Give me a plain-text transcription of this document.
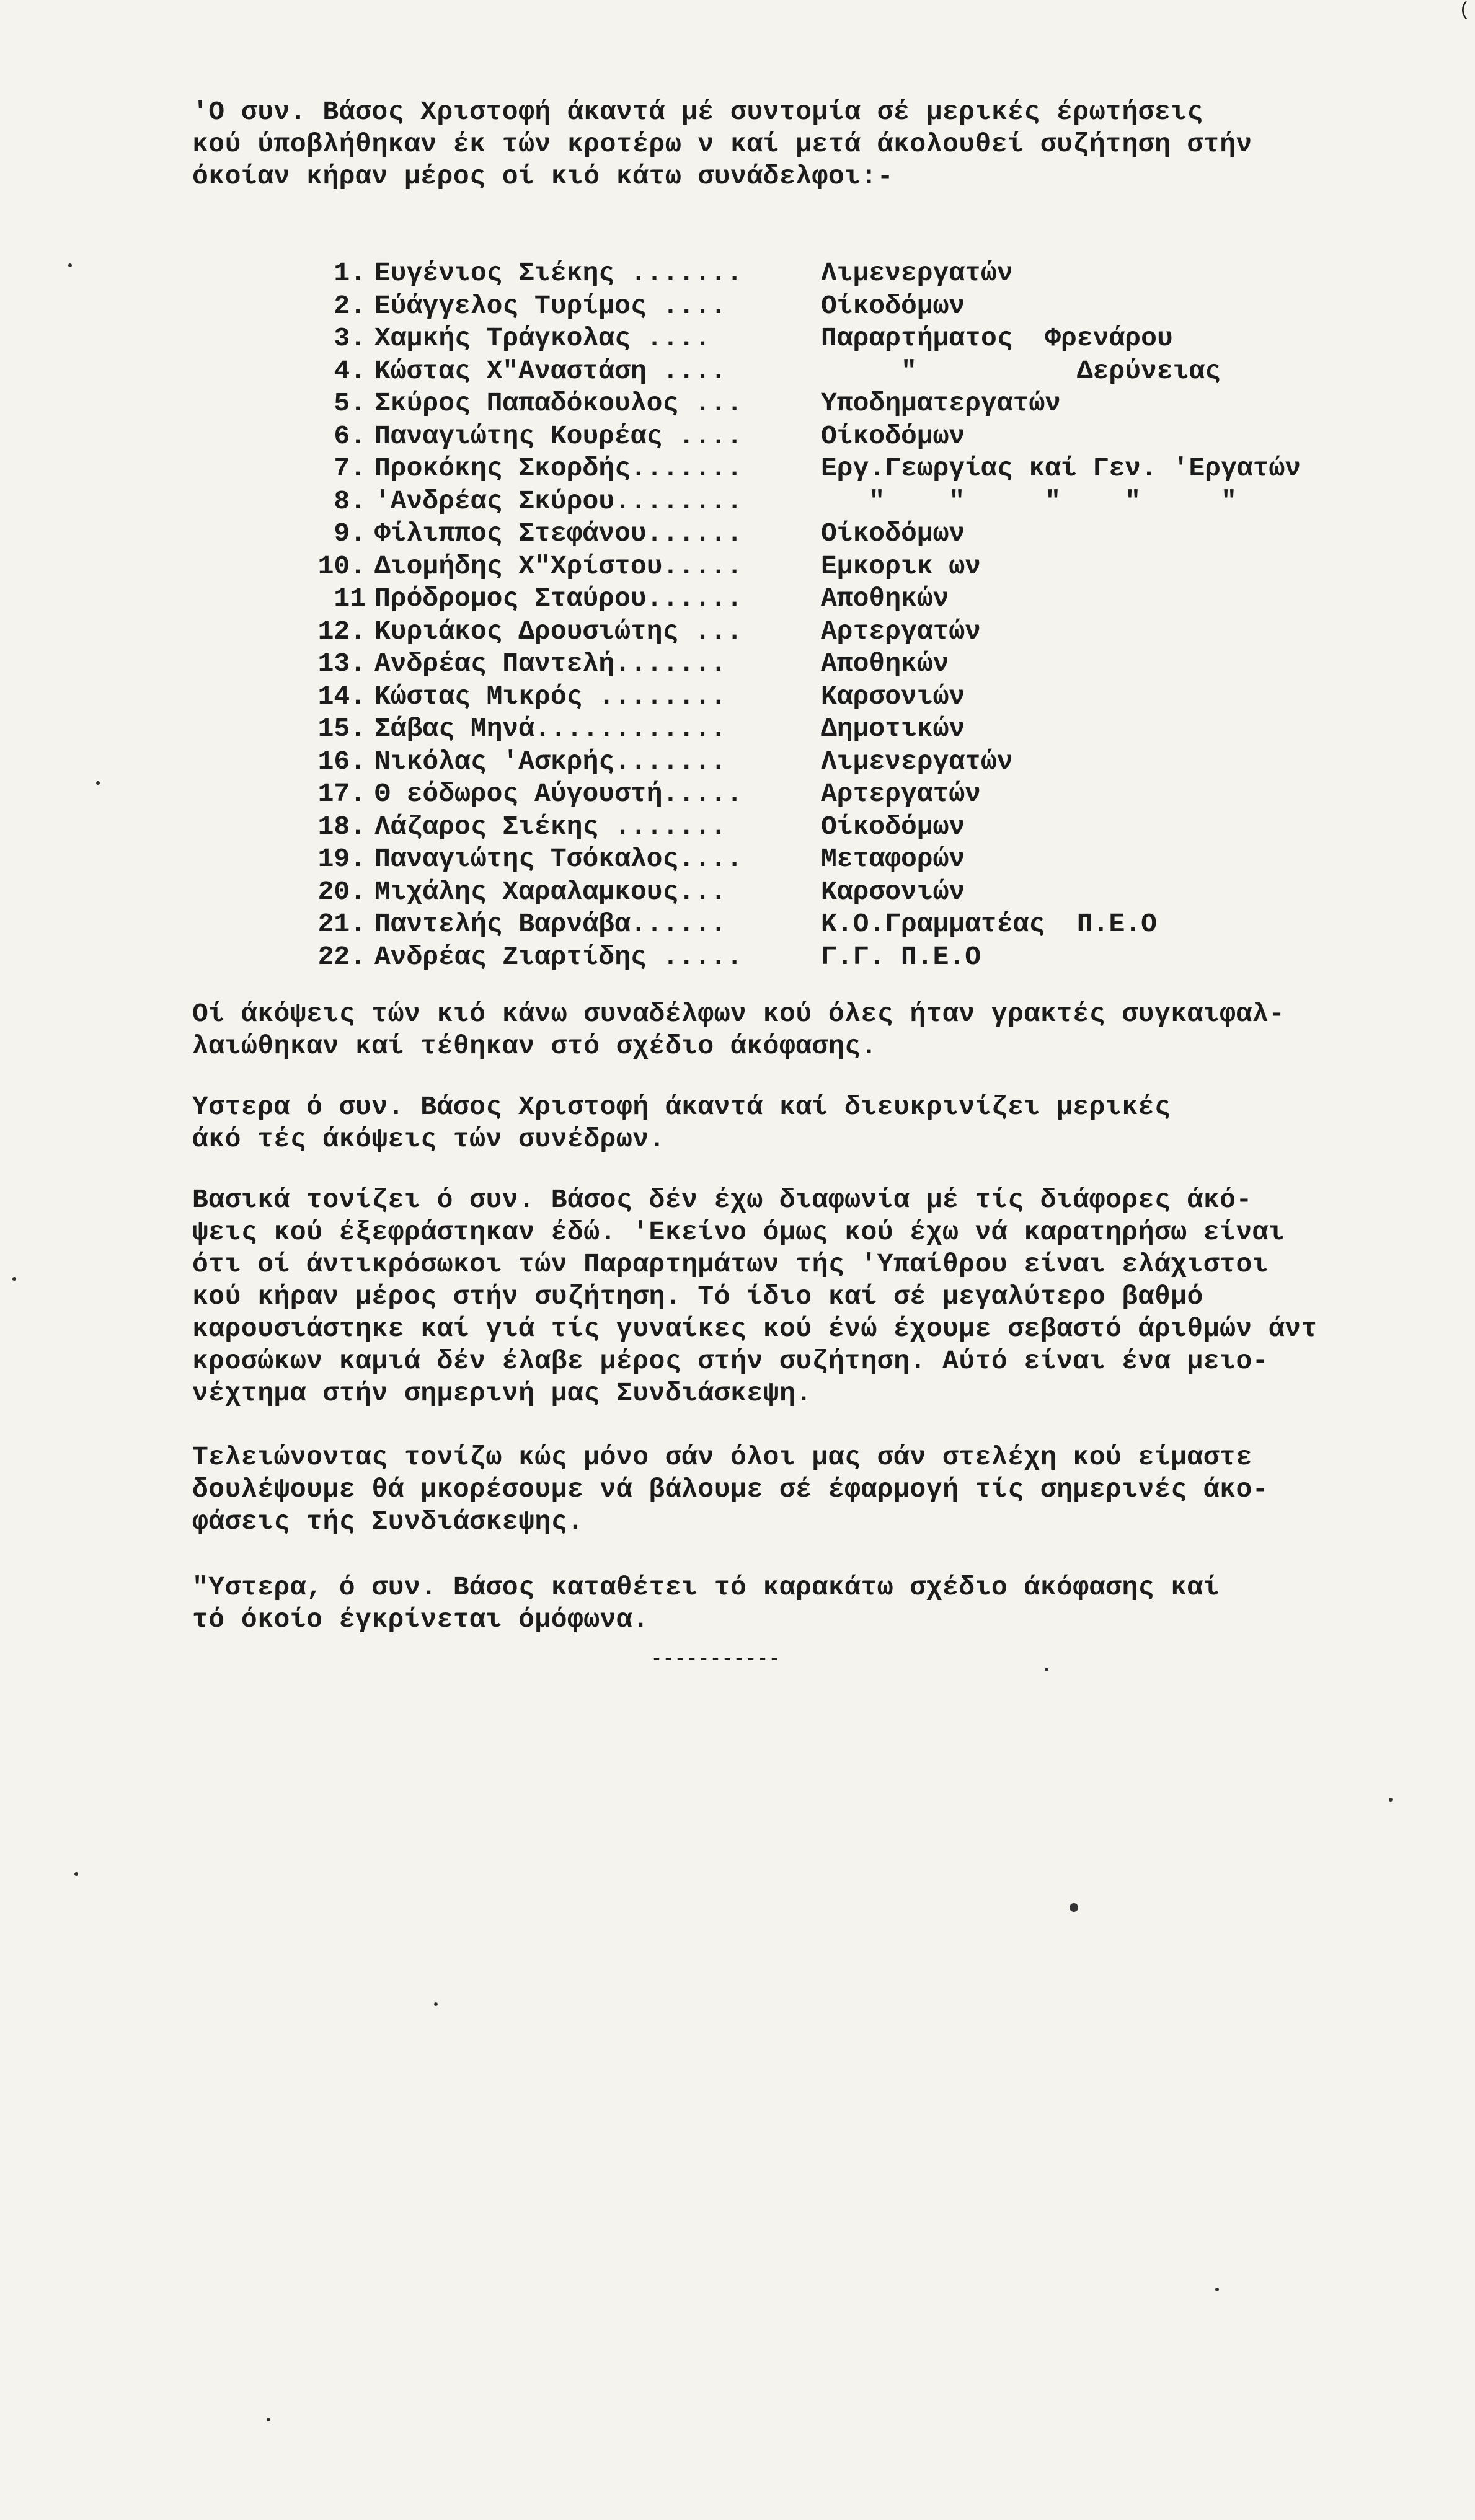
(
'Ο συν. Βάσος Χριστοφή άκαντά μέ συντομία σέ μερικές έρωτήσεις
κού ύποβλήθηκαν έκ τών κροτέρω ν καί μετά άκολουθεί συζήτηση στήν
όκοίαν κήραν μέρος οί κιό κάτω συνάδελφοι:-
1. Ευγένιος Σιέκης .......	Λιμενεργατών
2. Εύάγγελος Τυρίμος ....	Οίκοδόμων
3. Χαμκής Τράγκολας ....	Παραρτήματος  Φρενάρου
4. Κώστας Χ"Αναστάση ....	"          Δερύνειας
5. Σκύρος Παπαδόκουλος ...	Υποδηματεργατών
6. Παναγιώτης Κουρέας ....	Οίκοδόμων
7. Προκόκης Σκορδής.......	Εργ.Γεωργίας καί Γεν. 'Εργατών
8. 'Ανδρέας Σκύρου........	"    "     "    "     "
9. Φίλιππος Στεφάνου......	Οίκοδόμων
10. Διομήδης Χ"Χρίστου.....	Εμκορικ ων
11 Πρόδρομος Σταύρου......	Αποθηκών
12. Κυριάκος Δρουσιώτης ...	Αρτεργατών
13. Ανδρέας Παντελή.......	Αποθηκών
14. Κώστας Μικρός ........	Καρσονιών
15. Σάβας Μηνά............	Δημοτικών
16. Νικόλας 'Ασκρής.......	Λιμενεργατών
17. Θ εόδωρος Αύγουστή.....	Αρτεργατών
18. Λάζαρος Σιέκης .......	Οίκοδόμων
19. Παναγιώτης Τσόκαλος....	Μεταφορών
20. Μιχάλης Χαραλαμκους...	Καρσονιών
21. Παντελής Βαρνάβα......	Κ.Ο.Γραμματέας  Π.Ε.Ο
22. Ανδρέας Ζιαρτίδης .....	Γ.Γ. Π.Ε.Ο
Οί άκόψεις τών κιό κάνω συναδέλφων κού όλες ήταν γρακτές συγκαιφαλ-
λαιώθηκαν καί τέθηκαν στό σχέδιο άκόφασης.
Υστερα ό συν. Βάσος Χριστοφή άκαντά καί διευκρινίζει μερικές
άκό τές άκόψεις τών συνέδρων.
Βασικά τονίζει ό συν. Βάσος δέν έχω διαφωνία μέ τίς διάφορες άκό-
ψεις κού έξεφράστηκαν έδώ. 'Εκείνο όμως κού έχω νά καρατηρήσω είναι
ότι οί άντικρόσωκοι τών Παραρτημάτων τής 'Υπαίθρου είναι ελάχιστοι
κού κήραν μέρος στήν συζήτηση. Τό ίδιο καί σέ μεγαλύτερο βαθμό
καρουσιάστηκε καί γιά τίς γυναίκες κού ένώ έχουμε σεβαστό άριθμών άντ
κροσώκων καμιά δέν έλαβε μέρος στήν συζήτηση. Αύτό είναι ένα μειο-
νέχτημα στήν σημερινή μας Συνδιάσκεψη.
Τελειώνοντας τονίζω κώς μόνο σάν όλοι μας σάν στελέχη κού είμαστε
δουλέψουμε θά μκορέσουμε νά βάλουμε σέ έφαρμογή τίς σημερινές άκο-
φάσεις τής Συνδιάσκεψης.
"Υστερα, ό συν. Βάσος καταθέτει τό καρακάτω σχέδιο άκόφασης καί
τό όκοίο έγκρίνεται όμόφωνα.
-----------
